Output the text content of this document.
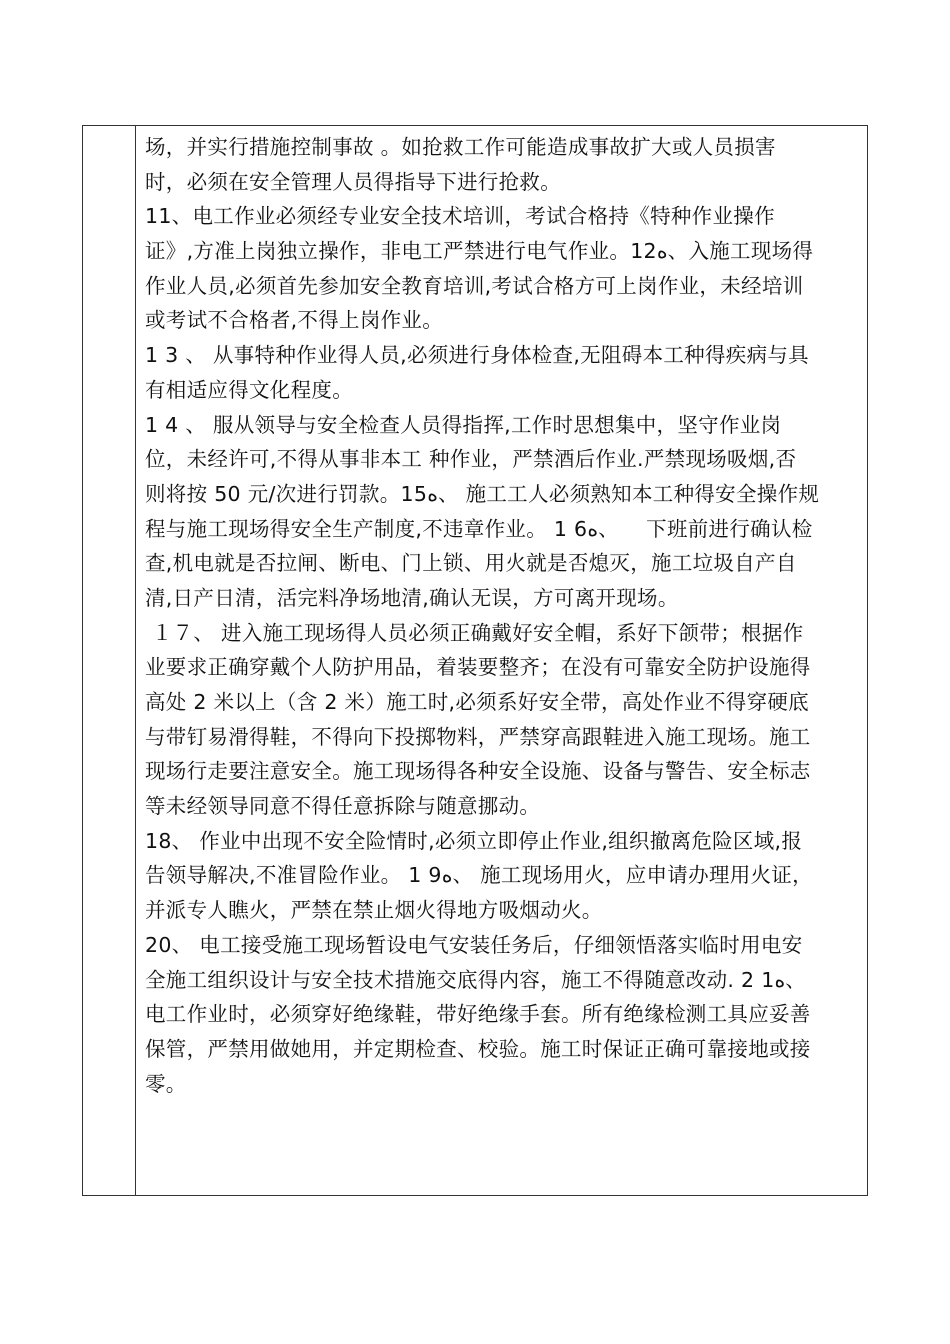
场，并实行措施控制事故 。如抢救工作可能造成事故扩大或人员损害
时，必须在安全管理人员得指导下进行抢救。
11、电工作业必须经专业安全技术培训，考试合格持《特种作业操作
证》,方准上岗独立操作，非电工严禁进行电气作业。12ﻩ、入施工现场得
作业人员,必须首先参加安全教育培训,考试合格方可上岗作业，未经培训
或考试不合格者,不得上岗作业。
1 3 、 从事特种作业得人员,必须进行身体检查,无阻碍本工种得疾病与具
有相适应得文化程度。
1 4 、 服从领导与安全检查人员得指挥,工作时思想集中，坚守作业岗
位，未经许可,不得从事非本工 种作业，严禁酒后作业.严禁现场吸烟,否
则将按 50 元/次进行罚款。15ﻩ、 施工工人必须熟知本工种得安全操作规
程与施工现场得安全生产制度,不违章作业。 1 6ﻩ、    下班前进行确认检
查,机电就是否拉闸、断电、门上锁、用火就是否熄灭，施工垃圾自产自
清,日产日清，活完料净场地清,确认无误，方可离开现场。
１７、 进入施工现场得人员必须正确戴好安全帽，系好下颌带；根据作
业要求正确穿戴个人防护用品，着装要整齐；在没有可靠安全防护设施得
高处 2 米以上（含 2 米）施工时,必须系好安全带，高处作业不得穿硬底
与带钉易滑得鞋，不得向下投掷物料，严禁穿高跟鞋进入施工现场。施工
现场行走要注意安全。施工现场得各种安全设施、设备与警告、安全标志
等未经领导同意不得任意拆除与随意挪动。
18、 作业中出现不安全险情时,必须立即停止作业,组织撤离危险区域,报
告领导解决,不准冒险作业。 1 9ﻩ、 施工现场用火，应申请办理用火证，
并派专人瞧火，严禁在禁止烟火得地方吸烟动火。
20、 电工接受施工现场暂设电气安装任务后，仔细领悟落实临时用电安
全施工组织设计与安全技术措施交底得内容，施工不得随意改动. 2 1ﻩ、
电工作业时，必须穿好绝缘鞋，带好绝缘手套。所有绝缘检测工具应妥善
保管，严禁用做她用，并定期检查、校验。施工时保证正确可靠接地或接
零。
